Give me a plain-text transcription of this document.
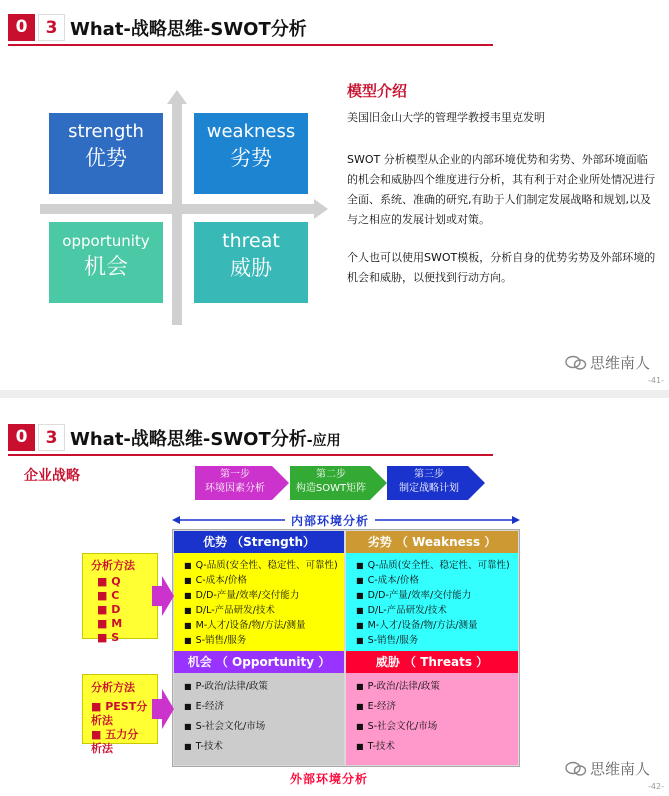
0	3 What-战略思维-SWOT分析
strength
优势
weakness
劣势
opportunity
机会
threat
威胁
模型介绍
美国旧金山大学的管理学教授韦里克发明
SWOT 分析模型从企业的内部环境优势和劣势、外部环境面临的机会和威胁四个维度进行分析，其有利于对企业所处情况进行全面、系统、准确的研究,有助于人们制定发展战略和规划,以及与之相应的发展计划或对策。
个人也可以使用SWOT模板，分析自身的优势劣势及外部环境的机会和威胁，以便找到行动方向。
思维南人
-41-
0	3 What-战略思维-SWOT分析-应用
企业战略	第一步
环境因素分析
第二步
构造SOWT矩阵
第三步
制定战略计划
内部环境分析
优势 （Strength）
■ Q-品质(安全性、稳定性、可靠性)
■ C-成本/价格
■ D/D-产量/效率/交付能力
■ D/L-产品研发/技术
■ M-人才/设备/物/方法/测量
■ S-销售/服务
劣势 （ Weakness ）
■ Q-品质(安全性、稳定性、可靠性)
■ C-成本/价格
■ D/D-产量/效率/交付能力
■ D/L-产品研发/技术
■ M-人才/设备/物/方法/测量
■ S-销售/服务
机会 （ Opportunity ）
■ P-政治/法律/政策
■ E-经济
■ S-社会文化/市场
■ T-技术
威胁 （ Threats ）
■ P-政治/法律/政策
■ E-经济
■ S-社会文化/市场
■ T-技术
外部环境分析
分析方法
■ Q
■ C
■ D
■ M
■ S
分析方法
■ PEST分析法
■ 五力分析法
思维南人
-42-
